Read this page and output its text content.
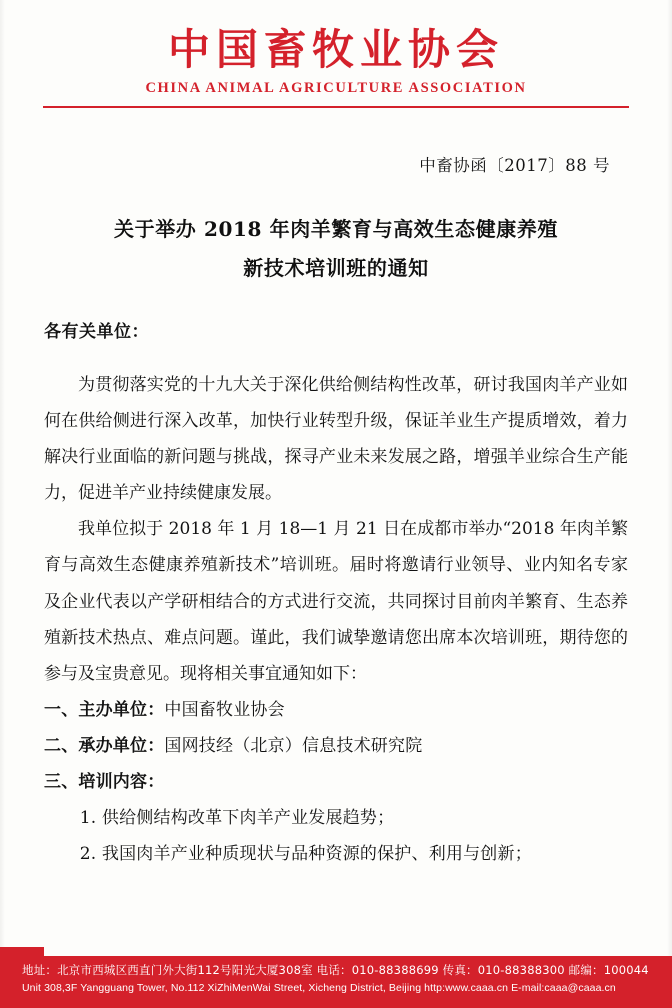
中国畜牧业协会
CHINA ANIMAL AGRICULTURE ASSOCIATION
中畜协函〔2017〕88 号
关于举办 2018 年肉羊繁育与高效生态健康养殖
新技术培训班的通知

各有关单位：

为贯彻落实党的十九大关于深化供给侧结构性改革，研讨我国肉羊产业如何在供给侧进行深入改革，加快行业转型升级，保证羊业生产提质增效，着力解决行业面临的新问题与挑战，探寻产业未来发展之路，增强羊业综合生产能力，促进羊产业持续健康发展。

我单位拟于 2018 年 1 月 18—1 月 21 日在成都市举办“2018 年肉羊繁育与高效生态健康养殖新技术”培训班。届时将邀请行业领导、业内知名专家及企业代表以产学研相结合的方式进行交流，共同探讨目前肉羊繁育、生态养殖新技术热点、难点问题。谨此，我们诚挚邀请您出席本次培训班，期待您的参与及宝贵意见。现将相关事宜通知如下：

一、主办单位：中国畜牧业协会

二、承办单位：国网技经（北京）信息技术研究院

三、培训内容：

1. 供给侧结构改革下肉羊产业发展趋势；

2. 我国肉羊产业种质现状与品种资源的保护、利用与创新；

地址：北京市西城区西直门外大街112号阳光大厦308室 电话：010-88388699 传真：010-88388300 邮编：100044
Unit 308,3F Yangguang Tower, No.112 XiZhiMenWai Street, Xicheng District, Beijing http:www.caaa.cn E-mail:caaa@caaa.cn
